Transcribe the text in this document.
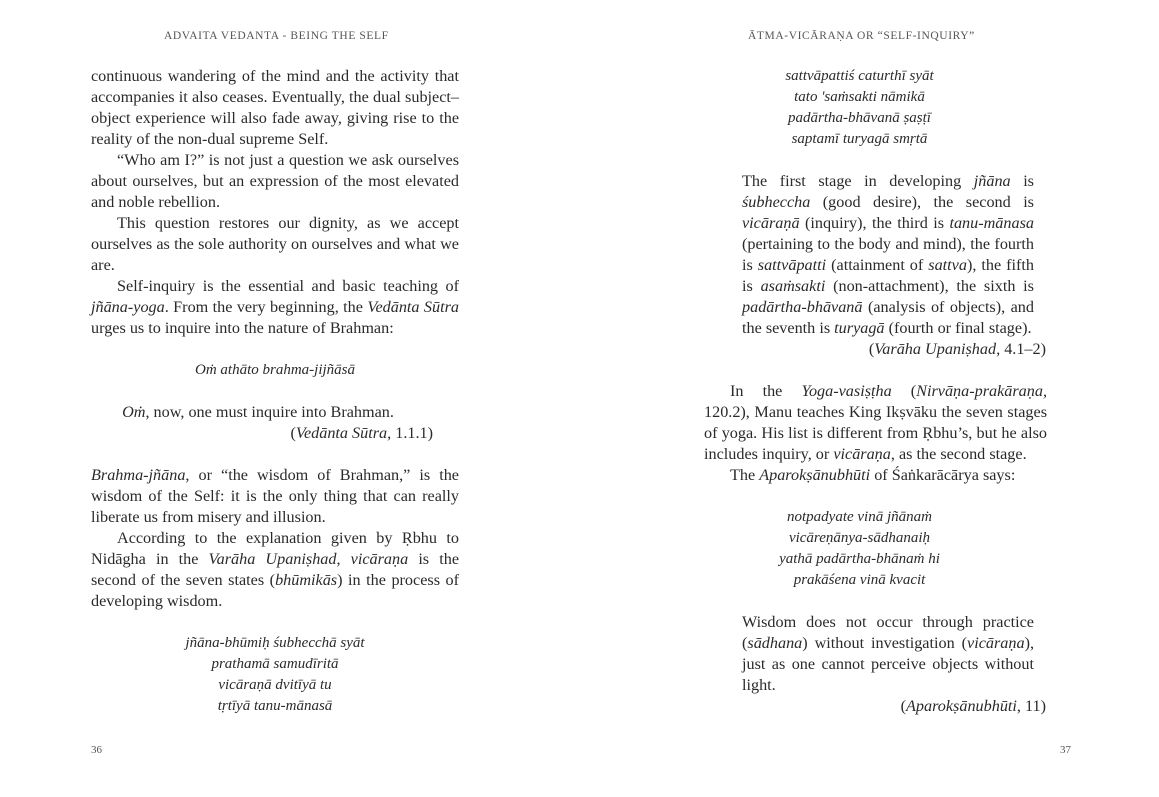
ADVAITA VEDANTA - BEING THE SELF

continuous wandering of the mind and the activity that accompanies it also ceases. Eventually, the dual subject–object experience will also fade away, giving rise to the reality of the non-dual supreme Self.

“Who am I?” is not just a question we ask ourselves about ourselves, but an expression of the most elevated and noble rebellion.

This question restores our dignity, as we accept ourselves as the sole authority on ourselves and what we are.

Self-inquiry is the essential and basic teaching of jñāna-yoga. From the very beginning, the Vedānta Sūtra urges us to inquire into the nature of Brahman:

Oṁ athāto brahma-jijñāsā

Oṁ, now, one must inquire into Brahman.

(Vedānta Sūtra, 1.1.1)

Brahma-jñāna, or “the wisdom of Brahman,” is the wisdom of the Self: it is the only thing that can really liberate us from misery and illusion.

According to the explanation given by Ṛbhu to Nidāgha in the Varāha Upaniṣhad, vicāraṇa is the second of the seven states (bhūmikās) in the process of developing wisdom.

jñāna-bhūmiḥ śubhecchā syāt
prathamā samudīritā
vicāraṇā dvitīyā tu
tṛtīyā tanu-mānasā
36
ĀTMA-VICĀRAṆA OR “SELF-INQUIRY”
sattvāpattiś caturthī syāt
tato 'saṁsakti nāmikā
padārtha-bhāvanā ṣaṣṭī
saptamī turyagā smṛtā

The first stage in developing jñāna is śubheccha (good desire), the second is vicāraṇā (inquiry), the third is tanu-mānasa (pertaining to the body and mind), the fourth is sattvāpatti (attainment of sattva), the fifth is asaṁsakti (non-attachment), the sixth is padārtha-bhāvanā (analysis of objects), and the seventh is turyagā (fourth or final stage).

(Varāha Upaniṣhad, 4.1–2)

In the Yoga-vasiṣṭha (Nirvāṇa-prakāraṇa, 120.2), Manu teaches King Ikṣvāku the seven stages of yoga. His list is different from Ṛbhu’s, but he also includes inquiry, or vicāraṇa, as the second stage.

The Aparokṣānubhūti of Śaṅkarācārya says:

notpadyate vinā jñānaṁ
vicāreṇānya-sādhanaiḥ
yathā padārtha-bhānaṁ hi
prakāśena vinā kvacit

Wisdom does not occur through practice (sādhana) without investigation (vicāraṇa), just as one cannot perceive objects without light.

(Aparokṣānubhūti, 11)

37
